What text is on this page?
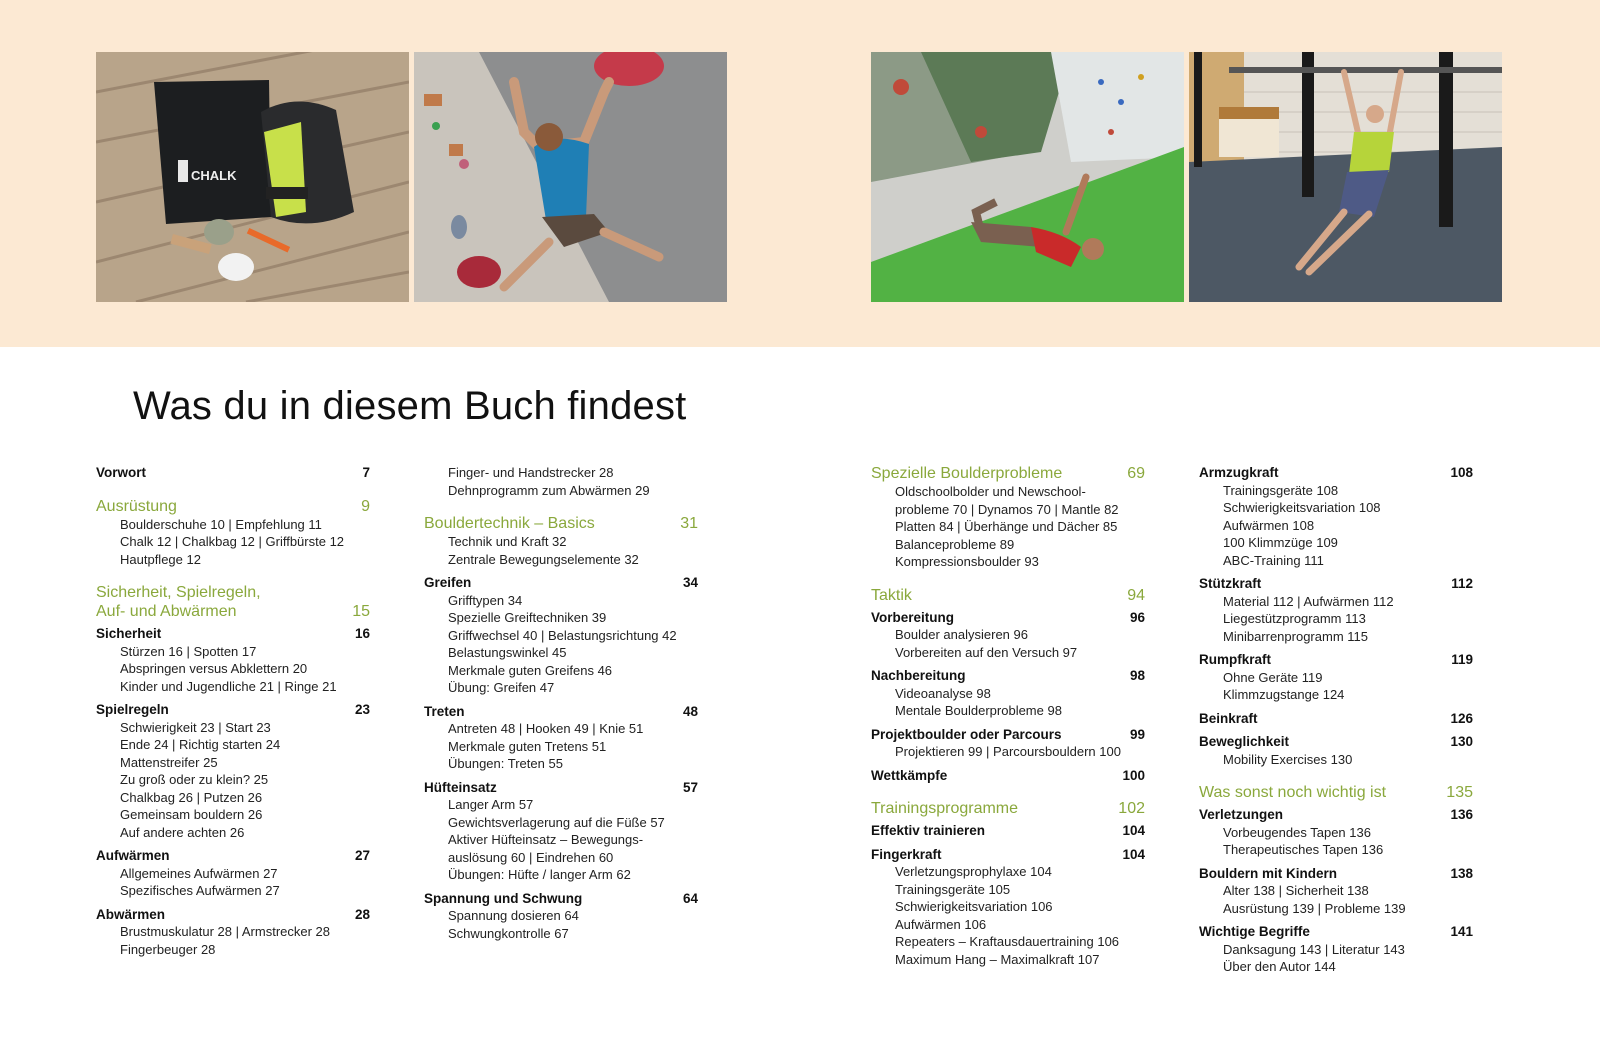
CHALK
Was du in diesem Buch findest
Vorwort	7
Ausrüstung	9
Boulderschuhe 10 | Empfehlung 11
Chalk 12 | Chalkbag 12 | Griffbürste 12
Hautpflege 12
Sicherheit, Spielregeln,
Auf- und Abwärmen	15
Sicherheit	16
Stürzen 16 | Spotten 17
Abspringen versus Abklettern 20
Kinder und Jugendliche 21 | Ringe 21
Spielregeln	23
Schwierigkeit 23 | Start 23
Ende 24 | Richtig starten 24
Mattenstreifer 25
Zu groß oder zu klein? 25
Chalkbag 26 | Putzen 26
Gemeinsam bouldern 26
Auf andere achten 26
Aufwärmen	27
Allgemeines Aufwärmen 27
Spezifisches Aufwärmen 27
Abwärmen	28
Brustmuskulatur 28 | Armstrecker 28
Fingerbeuger 28
Finger- und Handstrecker 28
Dehnprogramm zum Abwärmen 29
Bouldertechnik – Basics	31
Technik und Kraft 32
Zentrale Bewegungselemente 32
Greifen	34
Grifftypen 34
Spezielle Greiftechniken 39
Griffwechsel 40 | Belastungsrichtung 42
Belastungswinkel 45
Merkmale guten Greifens 46
Übung: Greifen 47
Treten	48
Antreten 48 | Hooken 49 | Knie 51
Merkmale guten Tretens 51
Übungen: Treten 55
Hüfteinsatz	57
Langer Arm 57
Gewichtsverlagerung auf die Füße 57
Aktiver Hüfteinsatz – Bewegungs-
auslösung 60 | Eindrehen 60
Übungen: Hüfte / langer Arm 62
Spannung und Schwung	64
Spannung dosieren 64
Schwungkontrolle 67
Spezielle Boulderprobleme	69
Oldschoolbolder und Newschool-
probleme 70 | Dynamos 70 | Mantle 82
Platten 84 | Überhänge und Dächer 85
Balanceprobleme 89
Kompressionsboulder 93
Taktik	94
Vorbereitung	96
Boulder analysieren 96
Vorbereiten auf den Versuch 97
Nachbereitung	98
Videoanalyse 98
Mentale Boulderprobleme 98
Projektboulder oder Parcours	99
Projektieren 99 | Parcoursbouldern 100
Wettkämpfe	100
Trainingsprogramme	102
Effektiv trainieren	104
Fingerkraft	104
Verletzungsprophylaxe 104
Trainingsgeräte 105
Schwierigkeitsvariation 106
Aufwärmen 106
Repeaters – Kraftausdauertraining 106
Maximum Hang – Maximalkraft 107
Armzugkraft	108
Trainingsgeräte 108
Schwierigkeitsvariation 108
Aufwärmen 108
100 Klimmzüge 109
ABC-Training 111
Stützkraft	112
Material 112 | Aufwärmen 112
Liegestützprogramm 113
Minibarrenprogramm 115
Rumpfkraft	119
Ohne Geräte 119
Klimmzugstange 124
Beinkraft	126
Beweglichkeit	130
Mobility Exercises 130
Was sonst noch wichtig ist	135
Verletzungen	136
Vorbeugendes Tapen 136
Therapeutisches Tapen 136
Bouldern mit Kindern	138
Alter 138 | Sicherheit 138
Ausrüstung 139 | Probleme 139
Wichtige Begriffe	141
Danksagung 143 | Literatur 143
Über den Autor 144
